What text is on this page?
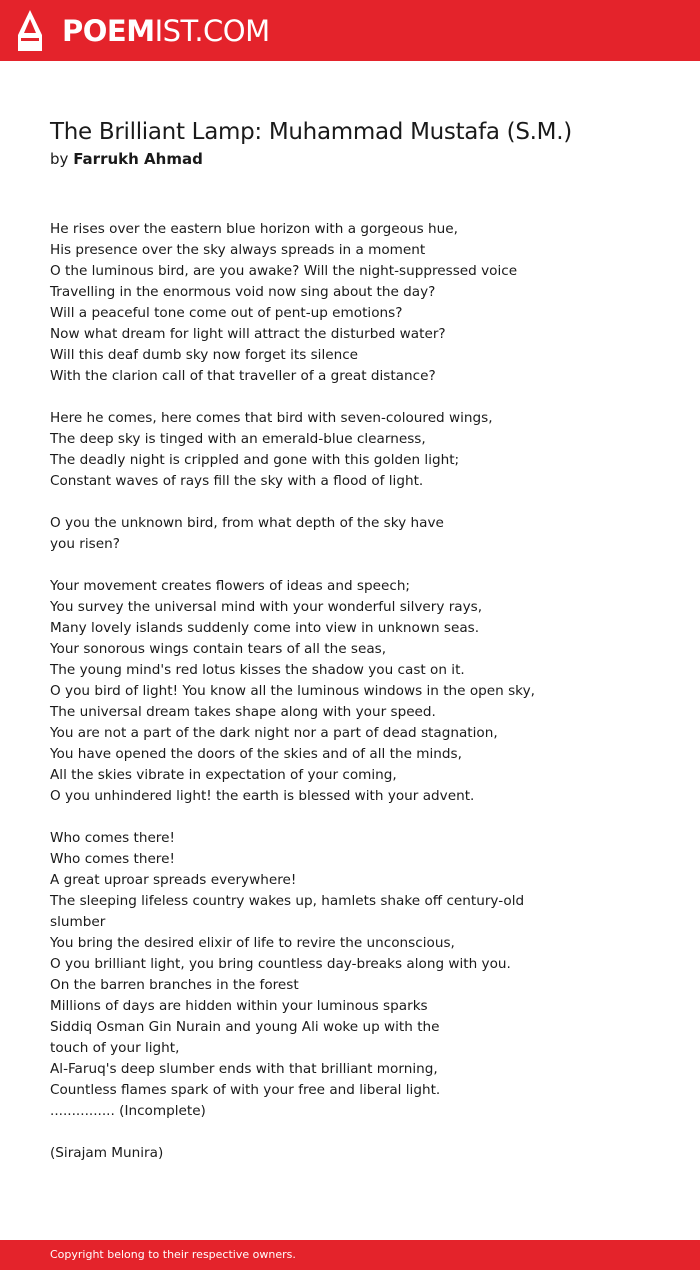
POEMIST.COM
The Brilliant Lamp: Muhammad Mustafa (S.M.)
by Farrukh Ahmad
He rises over the eastern blue horizon with a gorgeous hue,
His presence over the sky always spreads in a moment
O the luminous bird, are you awake? Will the night-suppressed voice
Travelling in the enormous void now sing about the day?
Will a peaceful tone come out of pent-up emotions?
Now what dream for light will attract the disturbed water?
Will this deaf dumb sky now forget its silence
With the clarion call of that traveller of a great distance?
Here he comes, here comes that bird with seven-coloured wings,
The deep sky is tinged with an emerald-blue clearness,
The deadly night is crippled and gone with this golden light;
Constant waves of rays fill the sky with a flood of light.
O you the unknown bird, from what depth of the sky have
you risen?
Your movement creates flowers of ideas and speech;
You survey the universal mind with your wonderful silvery rays,
Many lovely islands suddenly come into view in unknown seas.
Your sonorous wings contain tears of all the seas,
The young mind's red lotus kisses the shadow you cast on it.
O you bird of light! You know all the luminous windows in the open sky,
The universal dream takes shape along with your speed.
You are not a part of the dark night nor a part of dead stagnation,
You have opened the doors of the skies and of all the minds,
All the skies vibrate in expectation of your coming,
O you unhindered light! the earth is blessed with your advent.
Who comes there!
Who comes there!
A great uproar spreads everywhere!
The sleeping lifeless country wakes up, hamlets shake off century-old
slumber
You bring the desired elixir of life to revire the unconscious,
O you brilliant light, you bring countless day-breaks along with you.
On the barren branches in the forest
Millions of days are hidden within your luminous sparks
Siddiq Osman Gin Nurain and young Ali woke up with the
touch of your light,
Al-Faruq's deep slumber ends with that brilliant morning,
Countless flames spark of with your free and liberal light.
............... (Incomplete)
(Sirajam Munira)
Copyright belong to their respective owners.
